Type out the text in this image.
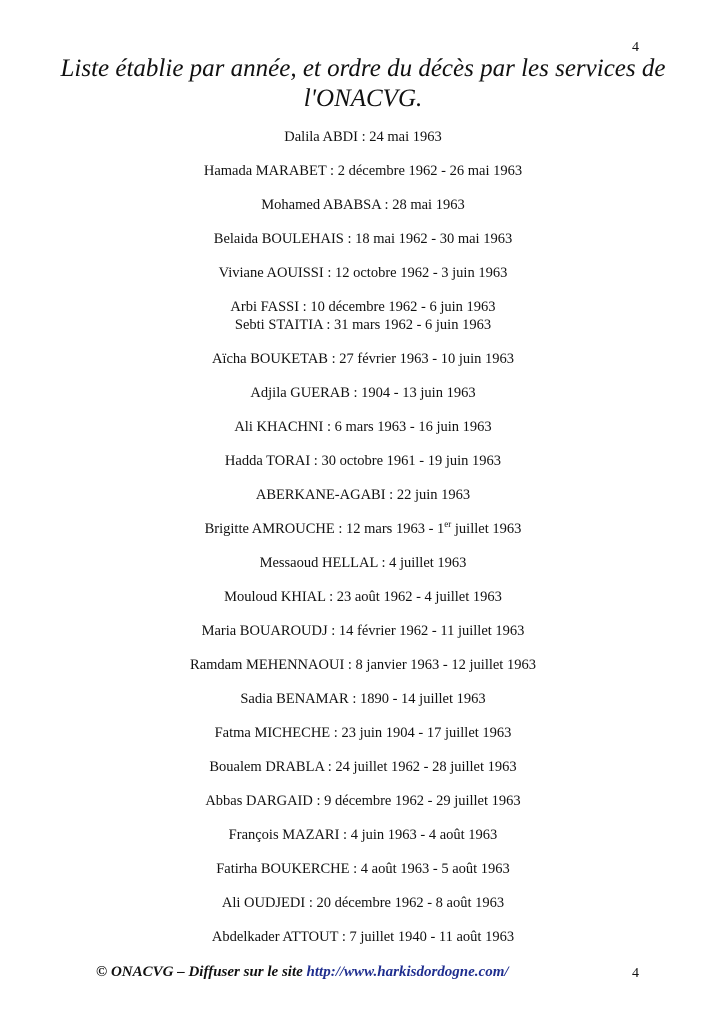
4
Liste établie par année, et ordre du décès par les services de l'ONACVG.
Dalila ABDI : 24 mai 1963
Hamada MARABET : 2 décembre 1962 - 26 mai 1963
Mohamed ABABSA : 28 mai 1963
Belaida BOULEHAIS : 18 mai 1962 - 30 mai 1963
Viviane AOUISSI : 12 octobre 1962 - 3 juin 1963
Arbi FASSI : 10 décembre 1962 - 6 juin 1963
Sebti STAITIA : 31 mars 1962 - 6 juin 1963
Aïcha BOUKETAB : 27 février 1963 - 10 juin 1963
Adjila GUERAB : 1904 - 13 juin 1963
Ali KHACHNI : 6 mars 1963 - 16 juin 1963
Hadda TORAI : 30 octobre 1961 - 19 juin 1963
ABERKANE-AGABI : 22 juin 1963
Brigitte AMROUCHE : 12 mars 1963 - 1er juillet 1963
Messaoud HELLAL : 4 juillet 1963
Mouloud KHIAL : 23 août 1962 - 4 juillet 1963
Maria BOUAROUDJ : 14 février 1962 - 11 juillet 1963
Ramdam MEHENNAOUI : 8 janvier 1963 - 12 juillet 1963
Sadia BENAMAR : 1890 - 14 juillet 1963
Fatma MICHECHE : 23 juin 1904 - 17 juillet 1963
Boualem DRABLA : 24 juillet 1962 - 28 juillet 1963
Abbas DARGAID : 9 décembre 1962 - 29 juillet 1963
François MAZARI : 4 juin 1963 - 4 août 1963
Fatirha BOUKERCHE : 4 août 1963 - 5 août 1963
Ali OUDJEDI : 20 décembre 1962 - 8 août 1963
Abdelkader ATTOUT : 7 juillet 1940 - 11 août 1963
© ONACVG – Diffuser sur le site http://www.harkisdordogne.com/	4
